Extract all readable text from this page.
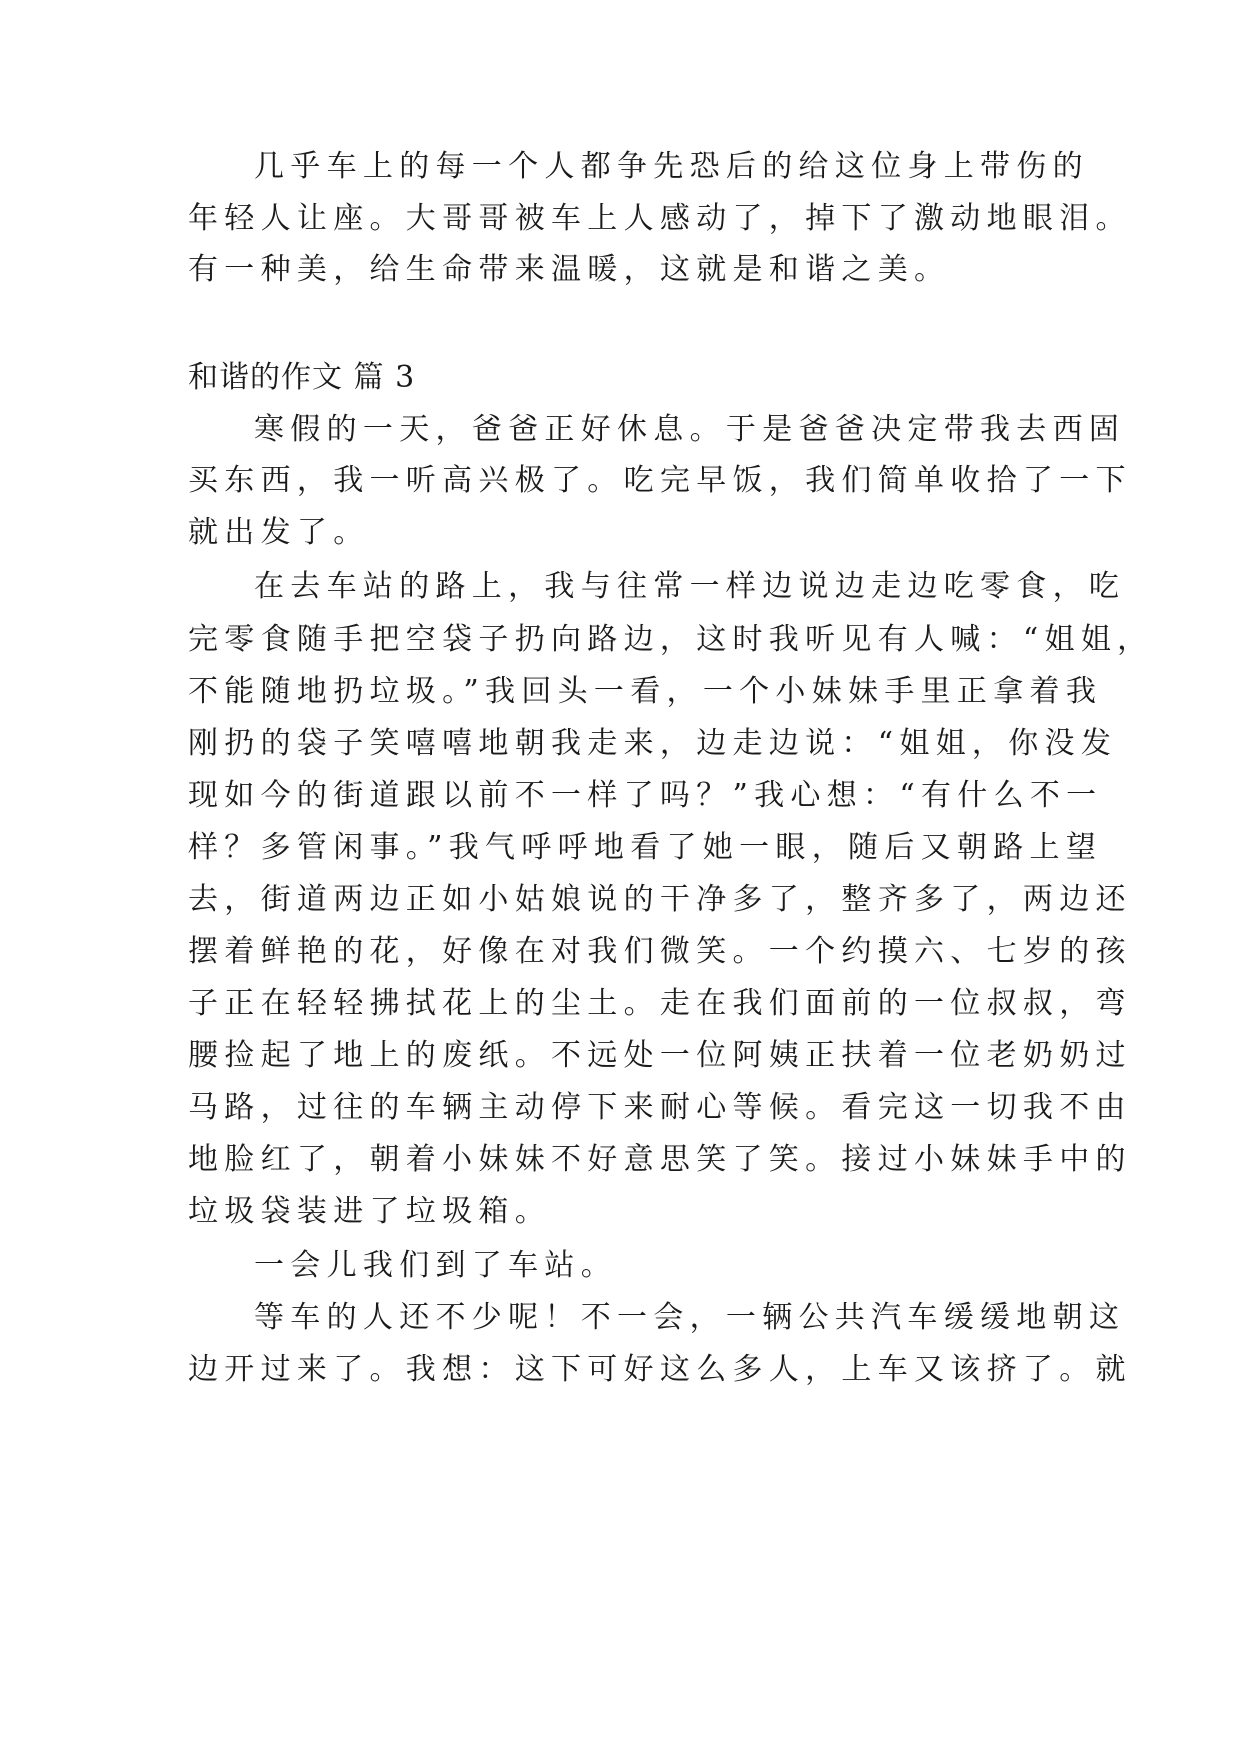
几乎车上的每一个人都争先恐后的给这位身上带伤的
年轻人让座。大哥哥被车上人感动了，掉下了激动地眼泪。
有一种美，给生命带来温暖，这就是和谐之美。
和谐的作文 篇 3
寒假的一天，爸爸正好休息。于是爸爸决定带我去西固
买东西，我一听高兴极了。吃完早饭，我们简单收拾了一下
就出发了。
在去车站的路上，我与往常一样边说边走边吃零食，吃
完零食随手把空袋子扔向路边，这时我听见有人喊：“姐姐，
不能随地扔垃圾。”我回头一看，一个小妹妹手里正拿着我
刚扔的袋子笑嘻嘻地朝我走来，边走边说：“姐姐，你没发
现如今的街道跟以前不一样了吗？”我心想：“有什么不一
样？多管闲事。”我气呼呼地看了她一眼，随后又朝路上望
去，街道两边正如小姑娘说的干净多了，整齐多了，两边还
摆着鲜艳的花，好像在对我们微笑。一个约摸六、七岁的孩
子正在轻轻拂拭花上的尘土。走在我们面前的一位叔叔，弯
腰捡起了地上的废纸。不远处一位阿姨正扶着一位老奶奶过
马路，过往的车辆主动停下来耐心等候。看完这一切我不由
地脸红了，朝着小妹妹不好意思笑了笑。接过小妹妹手中的
垃圾袋装进了垃圾箱。
一会儿我们到了车站。
等车的人还不少呢！不一会，一辆公共汽车缓缓地朝这
边开过来了。我想：这下可好这么多人，上车又该挤了。就
